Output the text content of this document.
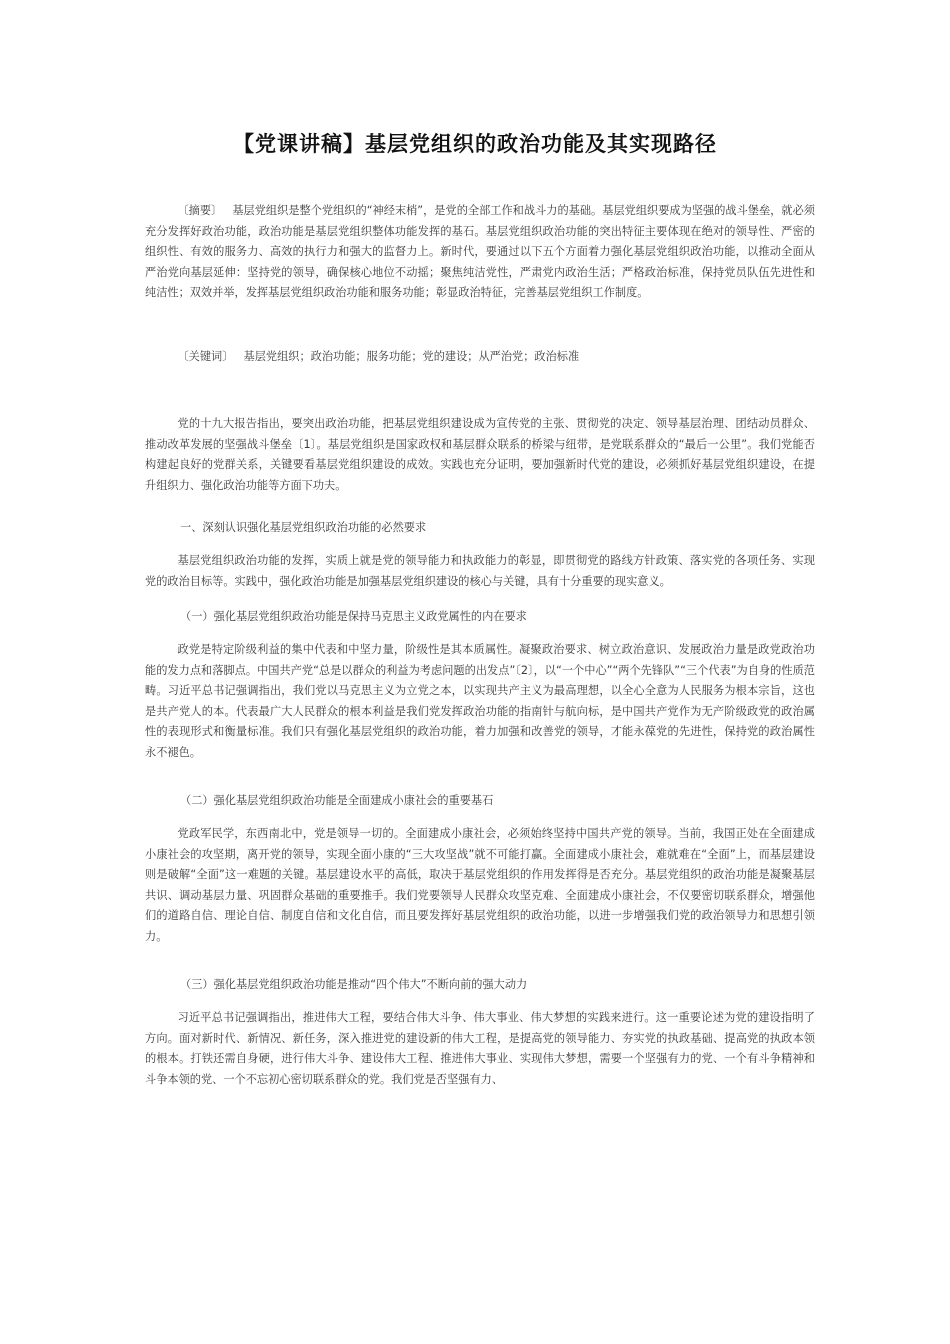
【党课讲稿】基层党组织的政治功能及其实现路径

〔摘要〕 基层党组织是整个党组织的“神经末梢”，是党的全部工作和战斗力的基础。基层党组织要成为坚强的战斗堡垒，就必须充分发挥好政治功能，政治功能是基层党组织整体功能发挥的基石。基层党组织政治功能的突出特征主要体现在绝对的领导性、严密的组织性、有效的服务力、高效的执行力和强大的监督力上。新时代，要通过以下五个方面着力强化基层党组织政治功能，以推动全面从严治党向基层延伸：坚持党的领导，确保核心地位不动摇；聚焦纯洁党性，严肃党内政治生活；严格政治标准，保持党员队伍先进性和纯洁性；双效并举，发挥基层党组织政治功能和服务功能；彰显政治特征，完善基层党组织工作制度。

〔关键词〕 基层党组织；政治功能；服务功能；党的建设；从严治党；政治标准

党的十九大报告指出，要突出政治功能，把基层党组织建设成为宣传党的主张、贯彻党的决定、领导基层治理、团结动员群众、推动改革发展的坚强战斗堡垒〔1〕。基层党组织是国家政权和基层群众联系的桥梁与纽带，是党联系群众的“最后一公里”。我们党能否构建起良好的党群关系，关键要看基层党组织建设的成效。实践也充分证明，要加强新时代党的建设，必须抓好基层党组织建设，在提升组织力、强化政治功能等方面下功夫。

一、深刻认识强化基层党组织政治功能的必然要求

基层党组织政治功能的发挥，实质上就是党的领导能力和执政能力的彰显，即贯彻党的路线方针政策、落实党的各项任务、实现党的政治目标等。实践中，强化政治功能是加强基层党组织建设的核心与关键，具有十分重要的现实意义。

（一）强化基层党组织政治功能是保持马克思主义政党属性的内在要求

政党是特定阶级利益的集中代表和中坚力量，阶级性是其本质属性。凝聚政治要求、树立政治意识、发展政治力量是政党政治功能的发力点和落脚点。中国共产党“总是以群众的利益为考虑问题的出发点”〔2〕，以“一个中心”“两个先锋队”“三个代表”为自身的性质范畴。习近平总书记强调指出，我们党以马克思主义为立党之本，以实现共产主义为最高理想，以全心全意为人民服务为根本宗旨，这也是共产党人的本。代表最广大人民群众的根本利益是我们党发挥政治功能的指南针与航向标，是中国共产党作为无产阶级政党的政治属性的表现形式和衡量标准。我们只有强化基层党组织的政治功能，着力加强和改善党的领导，才能永葆党的先进性，保持党的政治属性永不褪色。

（二）强化基层党组织政治功能是全面建成小康社会的重要基石

党政军民学，东西南北中，党是领导一切的。全面建成小康社会，必须始终坚持中国共产党的领导。当前，我国正处在全面建成小康社会的攻坚期，离开党的领导，实现全面小康的“三大攻坚战”就不可能打赢。全面建成小康社会，难就难在“全面”上，而基层建设则是破解“全面”这一难题的关键。基层建设水平的高低，取决于基层党组织的作用发挥得是否充分。基层党组织的政治功能是凝聚基层共识、调动基层力量、巩固群众基础的重要推手。我们党要领导人民群众攻坚克难、全面建成小康社会，不仅要密切联系群众，增强他们的道路自信、理论自信、制度自信和文化自信，而且要发挥好基层党组织的政治功能，以进一步增强我们党的政治领导力和思想引领力。

（三）强化基层党组织政治功能是推动“四个伟大”不断向前的强大动力

习近平总书记强调指出，推进伟大工程，要结合伟大斗争、伟大事业、伟大梦想的实践来进行。这一重要论述为党的建设指明了方向。面对新时代、新情况、新任务，深入推进党的建设新的伟大工程，是提高党的领导能力、夯实党的执政基础、提高党的执政本领的根本。打铁还需自身硬，进行伟大斗争、建设伟大工程、推进伟大事业、实现伟大梦想，需要一个坚强有力的党、一个有斗争精神和斗争本领的党、一个不忘初心密切联系群众的党。我们党是否坚强有力、
